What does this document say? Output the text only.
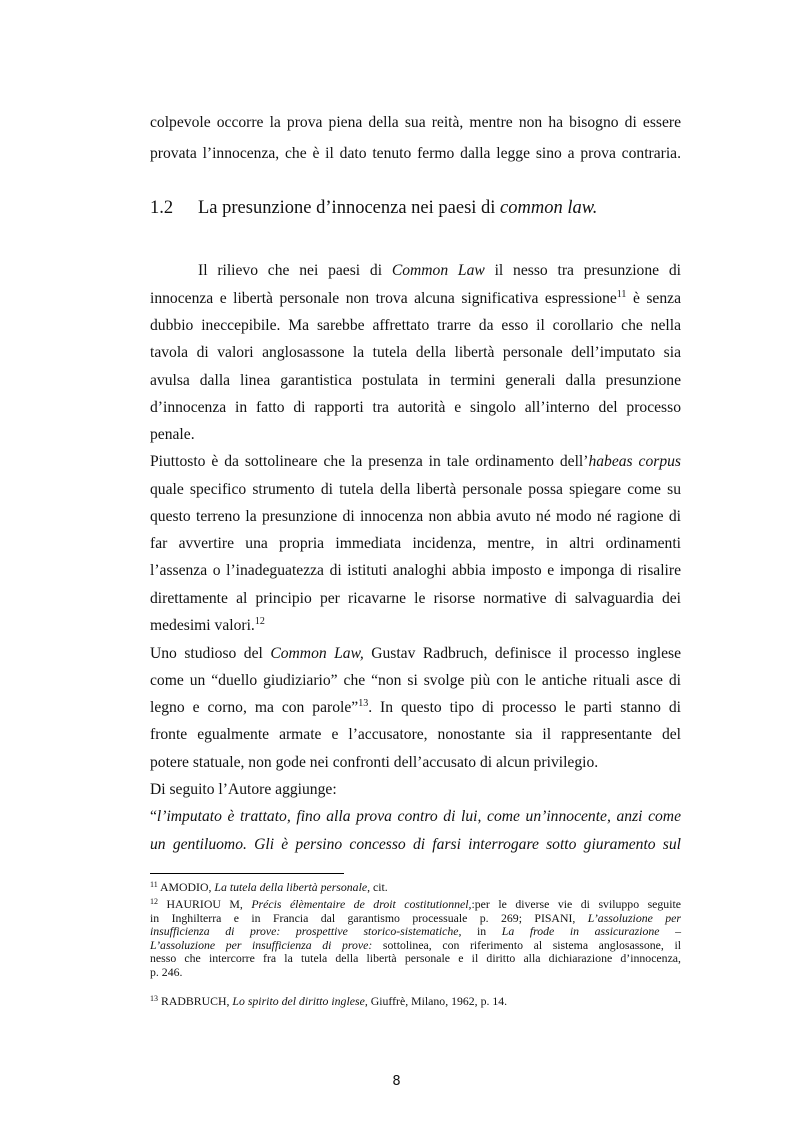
colpevole occorre la prova piena della sua reità, mentre non ha bisogno di essere
provata l’innocenza, che è il dato tenuto fermo dalla legge sino a prova contraria.
1.2 La presunzione d’innocenza nei paesi di common law.
Il rilievo che nei paesi di Common Law il nesso tra presunzione di
innocenza e libertà personale non trova alcuna significativa espressione$^{11}$ è senza
dubbio ineccepibile. Ma sarebbe affrettato trarre da esso il corollario che nella
tavola di valori anglosassone la tutela della libertà personale dell’imputato sia
avulsa dalla linea garantistica postulata in termini generali dalla presunzione
d’innocenza in fatto di rapporti tra autorità e singolo all’interno del processo
penale.
Piuttosto è da sottolineare che la presenza in tale ordinamento dell’habeas corpus
quale specifico strumento di tutela della libertà personale possa spiegare come su
questo terreno la presunzione di innocenza non abbia avuto né modo né ragione di
far avvertire una propria immediata incidenza, mentre, in altri ordinamenti
l’assenza o l’inadeguatezza di istituti analoghi abbia imposto e imponga di risalire
direttamente al principio per ricavarne le risorse normative di salvaguardia dei
medesimi valori.$^{12}$
Uno studioso del Common Law, Gustav Radbruch, definisce il processo inglese
come un “duello giudiziario” che “non si svolge più con le antiche rituali asce di
legno e corno, ma con parole”$^{13}$. In questo tipo di processo le parti stanno di
fronte egualmente armate e l’accusatore, nonostante sia il rappresentante del
potere statuale, non gode nei confronti dell’accusato di alcun privilegio.
Di seguito l’Autore aggiunge:
“l’imputato è trattato, fino alla prova contro di lui, come un’innocente, anzi come
un gentiluomo. Gli è persino concesso di farsi interrogare sotto giuramento sul
$^{11}$ AMODIO, La tutela della libertà personale, cit.
$^{12}$ HAURIOU M, Précis élèmentaire de droit costitutionnel,:per le diverse vie di sviluppo seguite
in Inghilterra e in Francia dal garantismo processuale p. 269; PISANI, L’assoluzione per
insufficienza di prove: prospettive storico-sistematiche, in La frode in assicurazione –
L’assoluzione per insufficienza di prove: sottolinea, con riferimento al sistema anglosassone, il
nesso che intercorre fra la tutela della libertà personale e il diritto alla dichiarazione d’innocenza,
p. 246.
$^{13}$ RADBRUCH, Lo spirito del diritto inglese, Giuffrè, Milano, 1962, p. 14.
8
